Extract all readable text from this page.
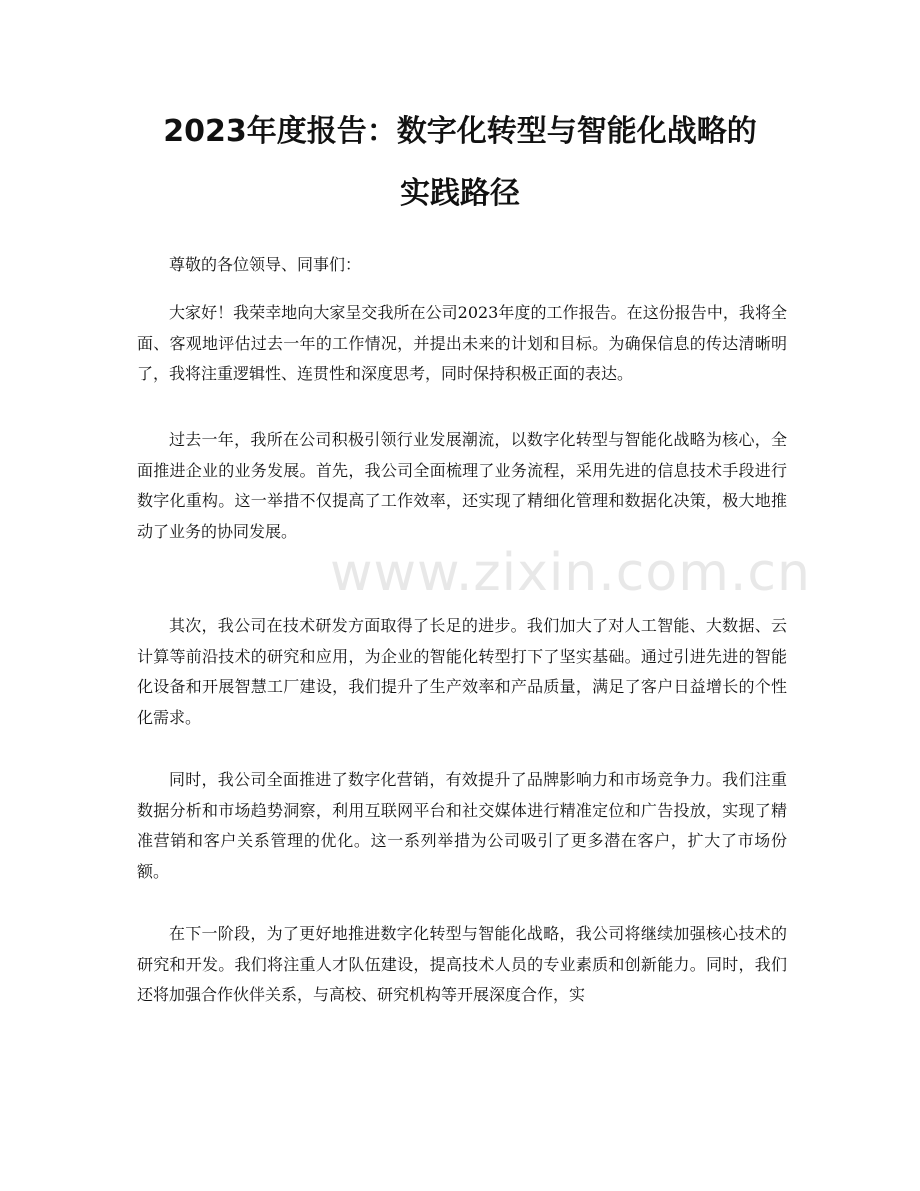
www.zixin.com.cn
2023年度报告：数字化转型与智能化战略的
实践路径

尊敬的各位领导、同事们：

大家好！我荣幸地向大家呈交我所在公司2023年度的工作报告。在这份报告中，我将全面、客观地评估过去一年的工作情况，并提出未来的计划和目标。为确保信息的传达清晰明了，我将注重逻辑性、连贯性和深度思考，同时保持积极正面的表达。

过去一年，我所在公司积极引领行业发展潮流，以数字化转型与智能化战略为核心，全面推进企业的业务发展。首先，我公司全面梳理了业务流程，采用先进的信息技术手段进行数字化重构。这一举措不仅提高了工作效率，还实现了精细化管理和数据化决策，极大地推动了业务的协同发展。

其次，我公司在技术研发方面取得了长足的进步。我们加大了对人工智能、大数据、云计算等前沿技术的研究和应用，为企业的智能化转型打下了坚实基础。通过引进先进的智能化设备和开展智慧工厂建设，我们提升了生产效率和产品质量，满足了客户日益增长的个性化需求。

同时，我公司全面推进了数字化营销，有效提升了品牌影响力和市场竞争力。我们注重数据分析和市场趋势洞察，利用互联网平台和社交媒体进行精准定位和广告投放，实现了精准营销和客户关系管理的优化。这一系列举措为公司吸引了更多潜在客户，扩大了市场份额。

在下一阶段，为了更好地推进数字化转型与智能化战略，我公司将继续加强核心技术的研究和开发。我们将注重人才队伍建设，提高技术人员的专业素质和创新能力。同时，我们还将加强合作伙伴关系，与高校、研究机构等开展深度合作，实
